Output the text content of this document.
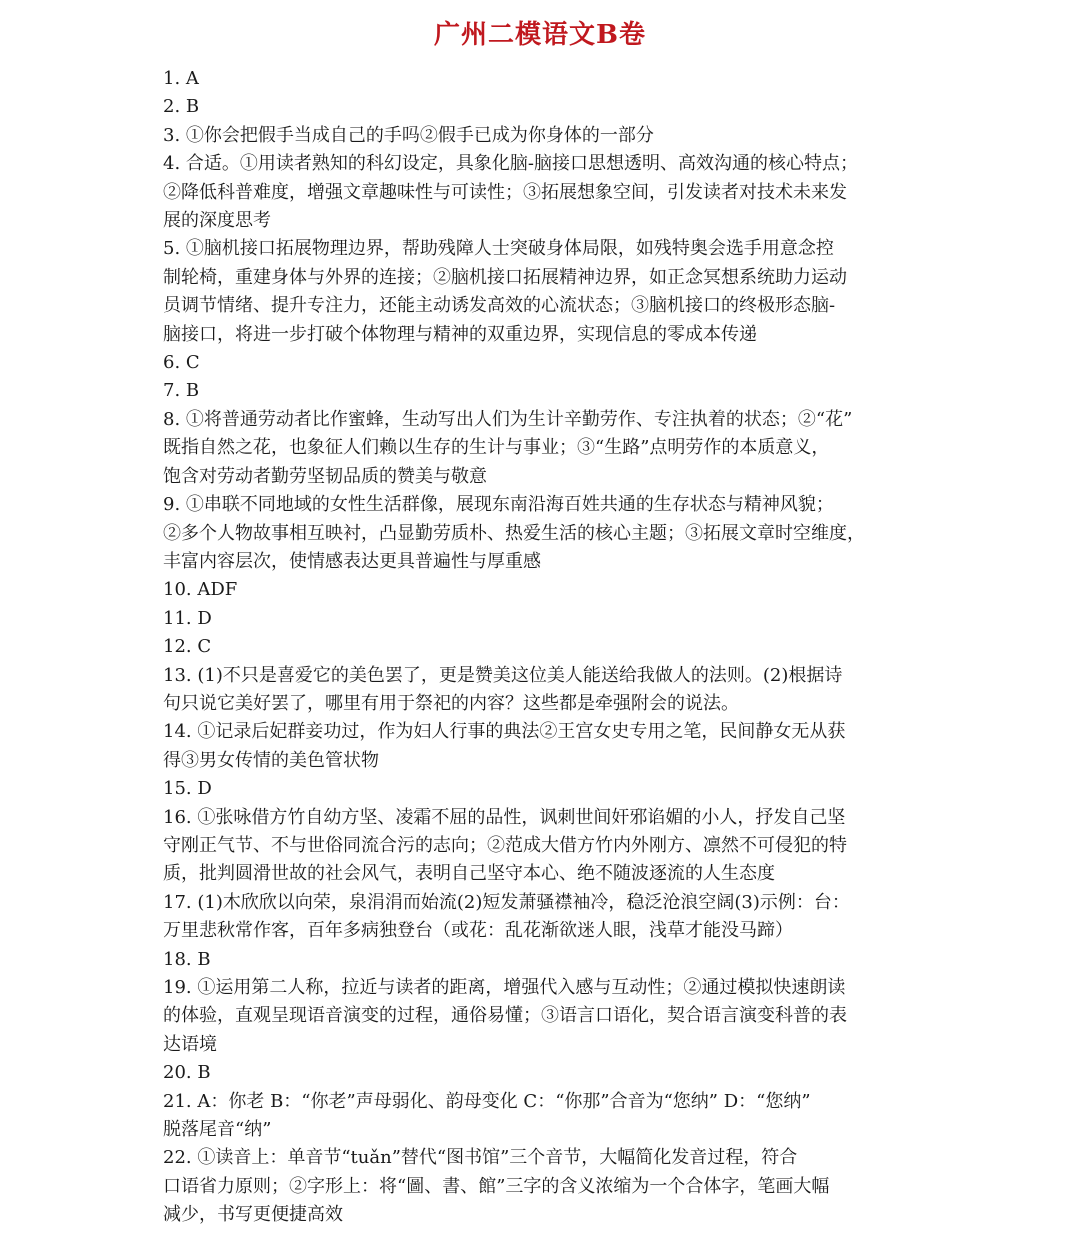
广州二模语文B卷
1. A
2. B
3. ①你会把假手当成自己的手吗②假手已成为你身体的一部分
4. 合适。①用读者熟知的科幻设定，具象化脑-脑接口思想透明、高效沟通的核心特点；
②降低科普难度，增强文章趣味性与可读性；③拓展想象空间，引发读者对技术未来发
展的深度思考
5. ①脑机接口拓展物理边界，帮助残障人士突破身体局限，如残特奥会选手用意念控
制轮椅，重建身体与外界的连接；②脑机接口拓展精神边界，如正念冥想系统助力运动
员调节情绪、提升专注力，还能主动诱发高效的心流状态；③脑机接口的终极形态脑-
脑接口，将进一步打破个体物理与精神的双重边界，实现信息的零成本传递
6. C
7. B
8. ①将普通劳动者比作蜜蜂，生动写出人们为生计辛勤劳作、专注执着的状态；②“花”
既指自然之花，也象征人们赖以生存的生计与事业；③“生路”点明劳作的本质意义，
饱含对劳动者勤劳坚韧品质的赞美与敬意
9. ①串联不同地域的女性生活群像，展现东南沿海百姓共通的生存状态与精神风貌；
②多个人物故事相互映衬，凸显勤劳质朴、热爱生活的核心主题；③拓展文章时空维度，
丰富内容层次，使情感表达更具普遍性与厚重感
10. ADF
11. D
12. C
13. (1)不只是喜爱它的美色罢了，更是赞美这位美人能送给我做人的法则。(2)根据诗
句只说它美好罢了，哪里有用于祭祀的内容？这些都是牵强附会的说法。
14. ①记录后妃群妾功过，作为妇人行事的典法②王宫女史专用之笔，民间静女无从获
得③男女传情的美色管状物
15. D
16. ①张咏借方竹自幼方坚、凌霜不屈的品性，讽刺世间奸邪谄媚的小人，抒发自己坚
守刚正气节、不与世俗同流合污的志向；②范成大借方竹内外刚方、凛然不可侵犯的特
质，批判圆滑世故的社会风气，表明自己坚守本心、绝不随波逐流的人生态度
17. (1)木欣欣以向荣，泉涓涓而始流(2)短发萧骚襟袖冷，稳泛沧浪空阔(3)示例：台：
万里悲秋常作客，百年多病独登台（或花：乱花渐欲迷人眼，浅草才能没马蹄）
18. B
19. ①运用第二人称，拉近与读者的距离，增强代入感与互动性；②通过模拟快速朗读
的体验，直观呈现语音演变的过程，通俗易懂；③语言口语化，契合语言演变科普的表
达语境
20. B
21. A：你老 B：“你老”声母弱化、韵母变化 C：“你那”合音为“您纳” D：“您纳”
脱落尾音“纳”
22. ①读音上：单音节“tuǎn”替代“图书馆”三个音节，大幅简化发音过程，符合
口语省力原则；②字形上：将“圖、書、館”三字的含义浓缩为一个合体字，笔画大幅
减少，书写更便捷高效
